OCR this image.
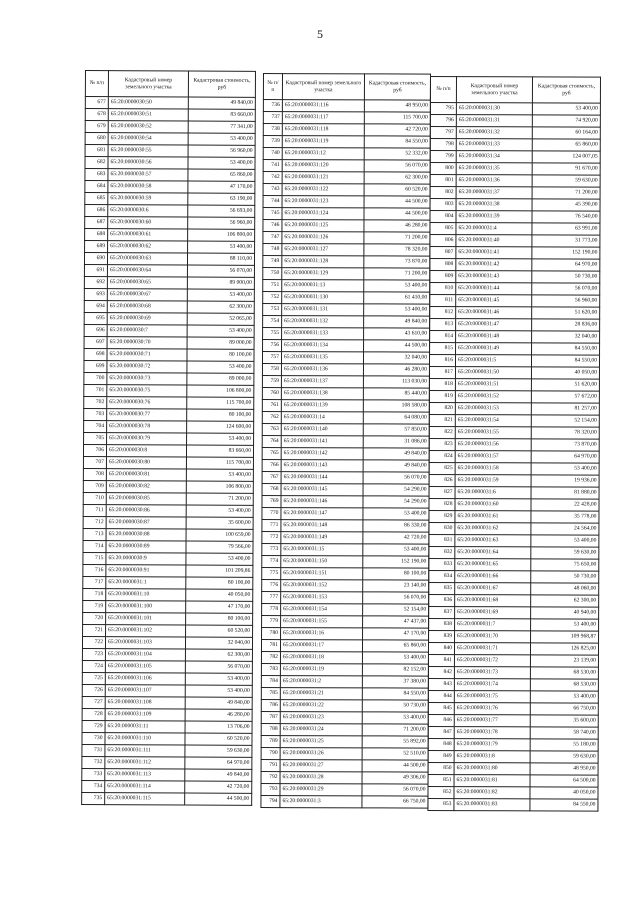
5
№ п/п	Кадастровый номер земельного участка	Кадастровая стоимость, руб
677	65:20:0000030:50	49 840,00
678	65:20:0000030:51	83 660,00
679	65:20:0000030:52	77 341,00
680	65:20:0000030:54	53 400,00
681	65:20:0000030:55	56 960,00
682	65:20:0000030:56	53 400,00
683	65:20:0000030:57	65 860,00
684	65:20:0000030:58	47 170,00
685	65:20:0000030:59	63 190,00
686	65:20:0000030:6	56 693,00
687	65:20:0000030:60	56 960,00
688	65:20:0000030:61	106 800,00
689	65:20:0000030:62	53 400,00
690	65:20:0000030:63	88 110,00
691	65:20:0000030:64	56 070,00
692	65:20:0000030:65	89 000,00
693	65:20:0000030:67	53 400,00
694	65:20:0000030:68	62 300,00
695	65:20:0000030:69	52 065,00
696	65:20:0000030:7	53 400,00
697	65:20:0000030:70	89 000,00
698	65:20:0000030:71	80 100,00
699	65:20:0000030:72	53 400,00
700	65:20:0000030:73	89 000,00
701	65:20:0000030:75	106 800,00
702	65:20:0000030:76	115 700,00
703	65:20:0000030:77	80 100,00
704	65:20:0000030:78	124 600,00
705	65:20:0000030:79	53 400,00
706	65:20:0000030:8	83 660,00
707	65:20:0000030:80	115 700,00
708	65:20:0000030:81	53 400,00
709	65:20:0000030:82	106 800,00
710	65:20:0000030:85	71 200,00
711	65:20:0000030:86	53 400,00
712	65:20:0000030:87	35 600,00
713	65:20:0000030:88	100 659,00
714	65:20:0000030:89	79 566,00
715	65:20:0000030:9	53 400,00
716	65:20:0000030:91	101 209,86
717	65:20:0000031:1	80 100,00
718	65:20:0000031:10	40 050,00
719	65:20:0000031:100	47 170,00
720	65:20:0000031:101	80 100,00
721	65:20:0000031:102	60 520,00
722	65:20:0000031:103	32 040,00
723	65:20:0000031:104	62 300,00
724	65:20:0000031:105	56 070,00
725	65:20:0000031:106	53 400,00
726	65:20:0000031:107	53 400,00
727	65:20:0000031:108	49 840,00
728	65:20:0000031:109	46 280,00
729	65:20:0000031:11	13 706,00
730	65:20:0000031:110	60 520,00
731	65:20:0000031:111	59 630,00
732	65:20:0000031:112	64 970,00
733	65:20:0000031:113	49 840,00
734	65:20:0000031:114	42 720,00
735	65:20:0000031:115	44 500,00
№ п/п	Кадастровый номер земельного участка	Кадастровая стоимость, руб
736	65:20:0000031:116	48 950,00
737	65:20:0000031:117	115 700,00
738	65:20:0000031:118	42 720,00
739	65:20:0000031:119	84 550,00
740	65:20:0000031:12	52 332,00
741	65:20:0000031:120	56 070,00
742	65:20:0000031:121	62 300,00
743	65:20:0000031:122	60 520,00
744	65:20:0000031:123	44 500,00
745	65:20:0000031:124	44 500,00
746	65:20:0000031:125	46 280,00
747	65:20:0000031:126	71 200,00
748	65:20:0000031:127	78 320,00
749	65:20:0000031:128	73 870,00
750	65:20:0000031:129	71 200,00
751	65:20:0000031:13	53 400,00
752	65:20:0000031:130	61 410,00
753	65:20:0000031:131	53 400,00
754	65:20:0000031:132	49 840,00
755	65:20:0000031:133	43 610,00
756	65:20:0000031:134	44 500,00
757	65:20:0000031:135	32 040,00
758	65:20:0000031:136	46 280,00
759	65:20:0000031:137	113 030,00
760	65:20:0000031:138	85 440,00
761	65:20:0000031:139	108 580,00
762	65:20:0000031:14	64 080,00
763	65:20:0000031:140	57 850,00
764	65:20:0000031:141	31 086,00
765	65:20:0000031:142	49 840,00
766	65:20:0000031:143	49 840,00
767	65:20:0000031:144	56 070,00
768	65:20:0000031:145	54 290,00
769	65:20:0000031:146	54 290,00
770	65:20:0000031:147	53 400,00
771	65:20:0000031:148	86 330,00
772	65:20:0000031:149	42 720,00
773	65:20:0000031:15	53 400,00
774	65:20:0000031:150	152 190,00
775	65:20:0000031:151	80 100,00
776	65:20:0000031:152	23 140,00
777	65:20:0000031:153	56 070,00
778	65:20:0000031:154	52 154,00
779	65:20:0000031:155	47 437,00
780	65:20:0000031:16	47 170,00
781	65:20:0000031:17	65 860,00
782	65:20:0000031:18	53 400,00
783	65:20:0000031:19	82 152,00
784	65:20:0000031:2	37 380,00
785	65:20:0000031:21	84 550,00
786	65:20:0000031:22	50 730,00
787	65:20:0000031:23	53 400,00
788	65:20:0000031:24	71 200,00
789	65:20:0000031:25	55 892,00
790	65:20:0000031:26	52 510,00
791	65:20:0000031:27	44 500,00
792	65:20:0000031:28	49 306,00
793	65:20:0000031:29	56 070,00
794	65:20:0000031:3	66 750,00
№ п/п	Кадастровый номер земельного участка	Кадастровая стоимость, руб
795	65:20:0000031:30	53 400,00
796	65:20:0000031:31	74 920,00
797	65:20:0000031:32	60 164,00
798	65:20:0000031:33	65 860,00
799	65:20:0000031:34	124 007,05
800	65:20:0000031:35	91 670,00
801	65:20:0000031:36	59 630,00
802	65:20:0000031:37	71 200,00
803	65:20:0000031:38	45 390,00
804	65:20:0000031:39	76 540,00
805	65:20:0000031:4	63 991,00
806	65:20:0000031:40	31 773,00
807	65:20:0000031:41	152 190,00
808	65:20:0000031:42	64 970,00
809	65:20:0000031:43	50 730,00
810	65:20:0000031:44	56 070,00
811	65:20:0000031:45	56 960,00
812	65:20:0000031:46	51 620,00
813	65:20:0000031:47	28 836,00
814	65:20:0000031:48	32 040,00
815	65:20:0000031:49	84 550,00
816	65:20:0000031:5	84 550,00
817	65:20:0000031:50	40 050,00
818	65:20:0000031:51	51 620,00
819	65:20:0000031:52	57 672,00
820	65:20:0000031:53	81 257,00
821	65:20:0000031:54	52 154,00
822	65:20:0000031:55	78 320,00
823	65:20:0000031:56	73 870,00
824	65:20:0000031:57	64 970,00
825	65:20:0000031:58	53 400,00
826	65:20:0000031:59	19 936,00
827	65:20:0000031:6	81 880,00
828	65:20:0000031:60	22 428,00
829	65:20:0000031:61	35 778,00
830	65:20:0000031:62	24 564,00
831	65:20:0000031:63	53 400,00
832	65:20:0000031:64	59 630,00
833	65:20:0000031:65	75 650,00
834	65:20:0000031:66	50 730,00
835	65:20:0000031:67	48 060,00
836	65:20:0000031:68	62 300,00
837	65:20:0000031:69	40 940,00
838	65:20:0000031:7	53 400,00
839	65:20:0000031:70	109 968,87
840	65:20:0000031:71	126 825,00
841	65:20:0000031:72	23 139,00
842	65:20:0000031:73	68 530,00
843	65:20:0000031:74	68 530,00
844	65:20:0000031:75	53 400,00
845	65:20:0000031:76	66 750,00
846	65:20:0000031:77	35 600,00
847	65:20:0000031:78	58 740,00
848	65:20:0000031:79	55 180,00
849	65:20:0000031:8	59 630,00
850	65:20:0000031:80	48 950,00
851	65:20:0000031:81	64 500,00
852	65:20:0000031:82	40 050,00
853	65:20:0000031:83	84 550,00
